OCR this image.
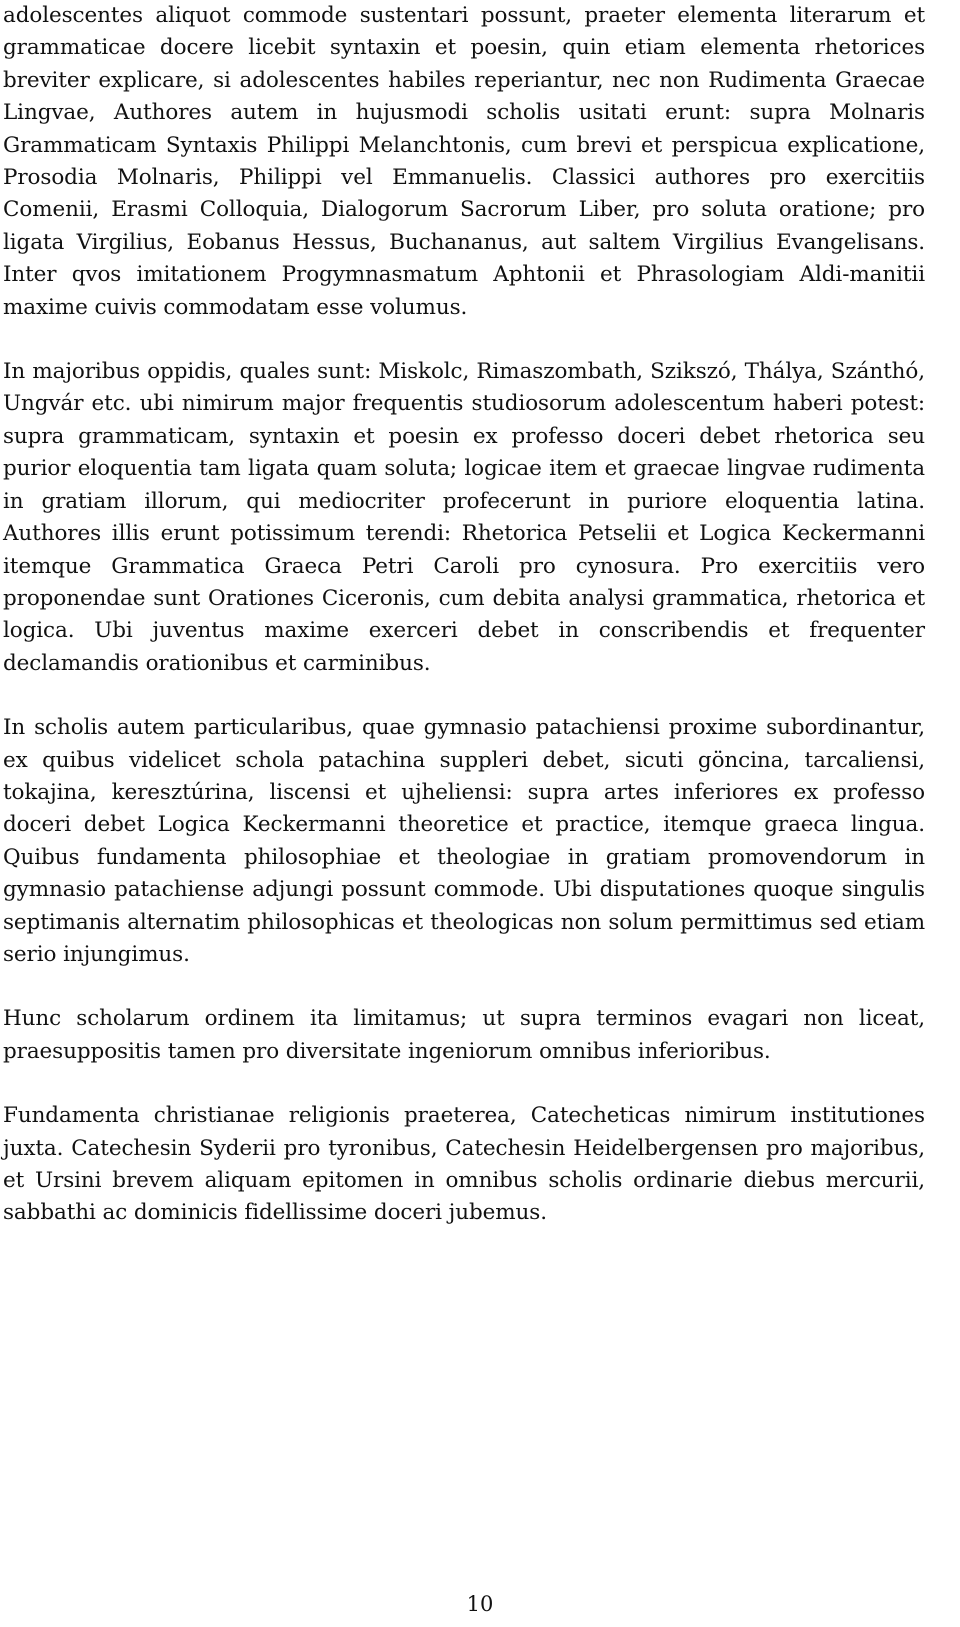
adolescentes aliquot commode sustentari possunt, praeter elementa literarum et grammaticae docere licebit syntaxin et poesin, quin etiam elementa rhetorices breviter explicare, si adolescentes habiles reperiantur, nec non Rudimenta Graecae Lingvae, Authores autem in hujusmodi scholis usitati erunt: supra Molnaris Grammaticam Syntaxis Philippi Melanchtonis, cum brevi et perspicua explicatione, Prosodia Molnaris, Philippi vel Emmanuelis. Classici authores pro exercitiis Comenii, Erasmi Colloquia, Dialogorum Sacrorum Liber, pro soluta oratione; pro ligata Virgilius, Eobanus Hessus, Buchananus, aut saltem Virgilius Evangelisans. Inter qvos imitationem Progymnasmatum Aphtonii et Phrasologiam Aldi-manitii maxime cuivis commodatam esse volumus.

In majoribus oppidis, quales sunt: Miskolc, Rimaszombath, Szikszó, Thálya, Szánthó, Ungvár etc. ubi nimirum major frequentis studiosorum adolescentum haberi potest: supra grammaticam, syntaxin et poesin ex professo doceri debet rhetorica seu purior eloquentia tam ligata quam soluta; logicae item et graecae lingvae rudimenta in gratiam illorum, qui mediocriter profecerunt in puriore eloquentia latina. Authores illis erunt potissimum terendi: Rhetorica Petselii et Logica Keckermanni itemque Grammatica Graeca Petri Caroli pro cynosura. Pro exercitiis vero proponendae sunt Orationes Ciceronis, cum debita analysi grammatica, rhetorica et logica. Ubi juventus maxime exerceri debet in conscribendis et frequenter declamandis orationibus et carminibus.

In scholis autem particularibus, quae gymnasio patachiensi proxime subordinantur, ex quibus videlicet schola patachina suppleri debet, sicuti göncina, tarcaliensi, tokajina, keresztúrina, liscensi et ujheliensi: supra artes inferiores ex professo doceri debet Logica Keckermanni theoretice et practice, itemque graeca lingua. Quibus fundamenta philosophiae et theologiae in gratiam promovendorum in gymnasio patachiense adjungi possunt commode. Ubi disputationes quoque singulis septimanis alternatim philosophicas et theologicas non solum permittimus sed etiam serio injungimus.

Hunc scholarum ordinem ita limitamus; ut supra terminos evagari non liceat, praesuppositis tamen pro diversitate ingeniorum omnibus inferioribus.

Fundamenta christianae religionis praeterea, Catecheticas nimirum institutiones juxta. Catechesin Syderii pro tyronibus, Catechesin Heidelbergensen pro majoribus, et Ursini brevem aliquam epitomen in omnibus scholis ordinarie diebus mercurii, sabbathi ac dominicis fidellissime doceri jubemus.

10
